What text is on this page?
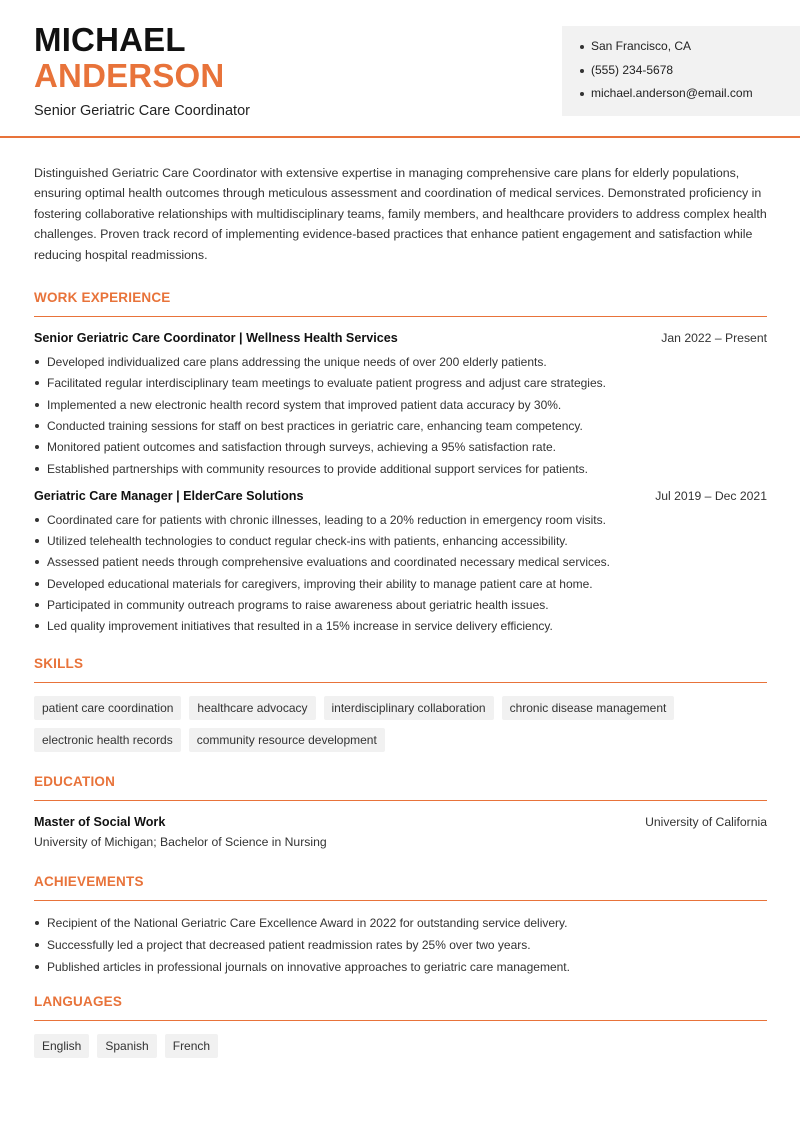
MICHAEL
ANDERSON
Senior Geriatric Care Coordinator
San Francisco, CA
(555) 234-5678
michael.anderson@email.com

Distinguished Geriatric Care Coordinator with extensive expertise in managing comprehensive care plans for elderly populations, ensuring optimal health outcomes through meticulous assessment and coordination of medical services. Demonstrated proficiency in fostering collaborative relationships with multidisciplinary teams, family members, and healthcare providers to address complex health challenges. Proven track record of implementing evidence-based practices that enhance patient engagement and satisfaction while reducing hospital readmissions.

WORK EXPERIENCE
Senior Geriatric Care Coordinator | Wellness Health Services	Jan 2022 – Present
Developed individualized care plans addressing the unique needs of over 200 elderly patients.
Facilitated regular interdisciplinary team meetings to evaluate patient progress and adjust care strategies.
Implemented a new electronic health record system that improved patient data accuracy by 30%.
Conducted training sessions for staff on best practices in geriatric care, enhancing team competency.
Monitored patient outcomes and satisfaction through surveys, achieving a 95% satisfaction rate.
Established partnerships with community resources to provide additional support services for patients.
Geriatric Care Manager | ElderCare Solutions	Jul 2019 – Dec 2021
Coordinated care for patients with chronic illnesses, leading to a 20% reduction in emergency room visits.
Utilized telehealth technologies to conduct regular check-ins with patients, enhancing accessibility.
Assessed patient needs through comprehensive evaluations and coordinated necessary medical services.
Developed educational materials for caregivers, improving their ability to manage patient care at home.
Participated in community outreach programs to raise awareness about geriatric health issues.
Led quality improvement initiatives that resulted in a 15% increase in service delivery efficiency.
SKILLS
patient care coordination	healthcare advocacy	interdisciplinary collaboration	chronic disease management
electronic health records	community resource development
EDUCATION
Master of Social Work	University of California
University of Michigan; Bachelor of Science in Nursing
ACHIEVEMENTS
Recipient of the National Geriatric Care Excellence Award in 2022 for outstanding service delivery.
Successfully led a project that decreased patient readmission rates by 25% over two years.
Published articles in professional journals on innovative approaches to geriatric care management.
LANGUAGES
English	Spanish	French
